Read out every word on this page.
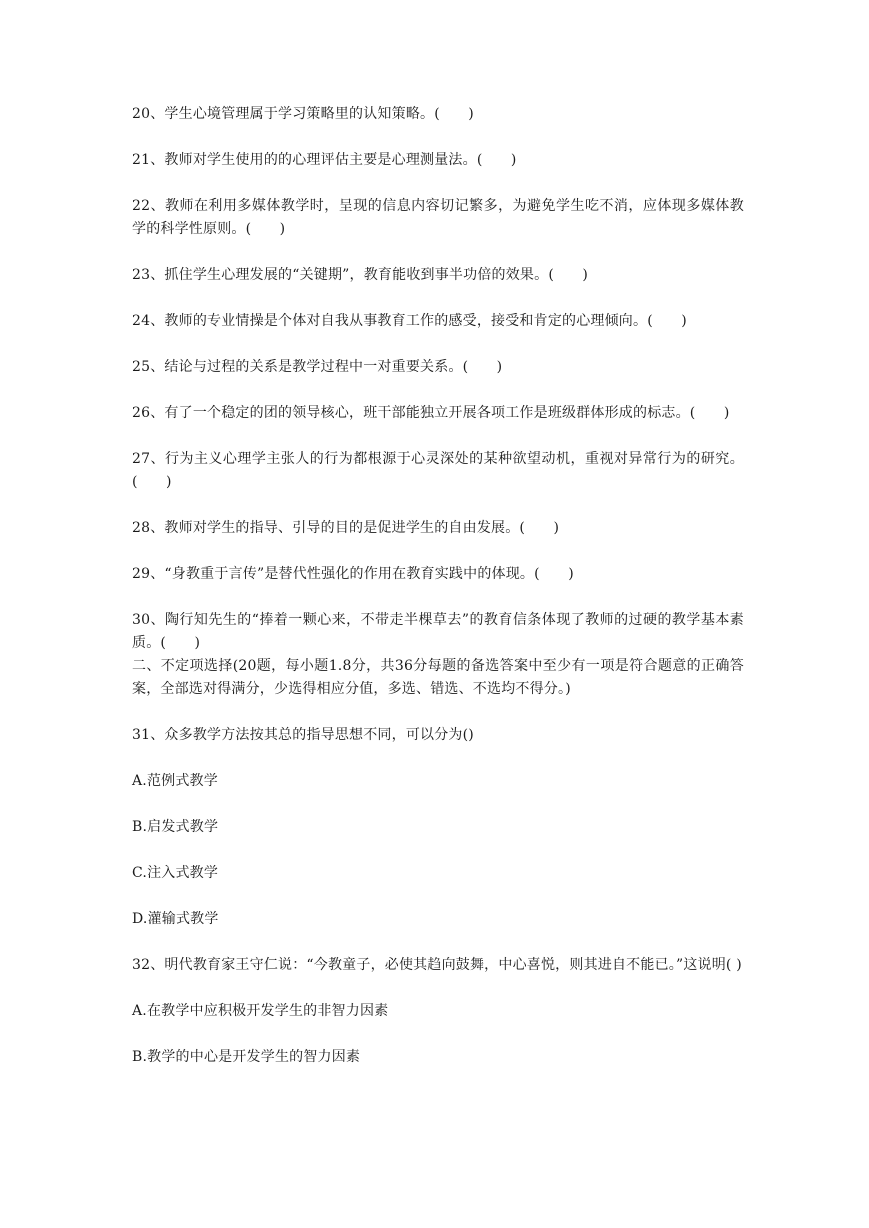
20、学生心境管理属于学习策略里的认知策略。(　　)

21、教师对学生使用的的心理评估主要是心理测量法。(　　)

22、教师在利用多媒体教学时，呈现的信息内容切记繁多，为避免学生吃不消，应体现多媒体教学的科学性原则。(　　)

23、抓住学生心理发展的“关键期”，教育能收到事半功倍的效果。(　　)

24、教师的专业情操是个体对自我从事教育工作的感受，接受和肯定的心理倾向。(　　)

25、结论与过程的关系是教学过程中一对重要关系。(　　)

26、有了一个稳定的团的领导核心，班干部能独立开展各项工作是班级群体形成的标志。(　　)

27、行为主义心理学主张人的行为都根源于心灵深处的某种欲望动机，重视对异常行为的研究。(　　)

28、教师对学生的指导、引导的目的是促进学生的自由发展。(　　)

29、“身教重于言传”是替代性强化的作用在教育实践中的体现。(　　)

30、陶行知先生的“捧着一颗心来，不带走半棵草去”的教育信条体现了教师的过硬的教学基本素质。(　　)

二、不定项选择(20题，每小题1.8分，共36分每题的备选答案中至少有一项是符合题意的正确答案，全部选对得满分，少选得相应分值，多选、错选、不选均不得分。)

31、众多教学方法按其总的指导思想不同，可以分为()

A.范例式教学

B.启发式教学

C.注入式教学

D.灌输式教学

32、明代教育家王守仁说：“今教童子，必使其趋向鼓舞，中心喜悦，则其进自不能已。”这说明( )

A.在教学中应积极开发学生的非智力因素

B.教学的中心是开发学生的智力因素
